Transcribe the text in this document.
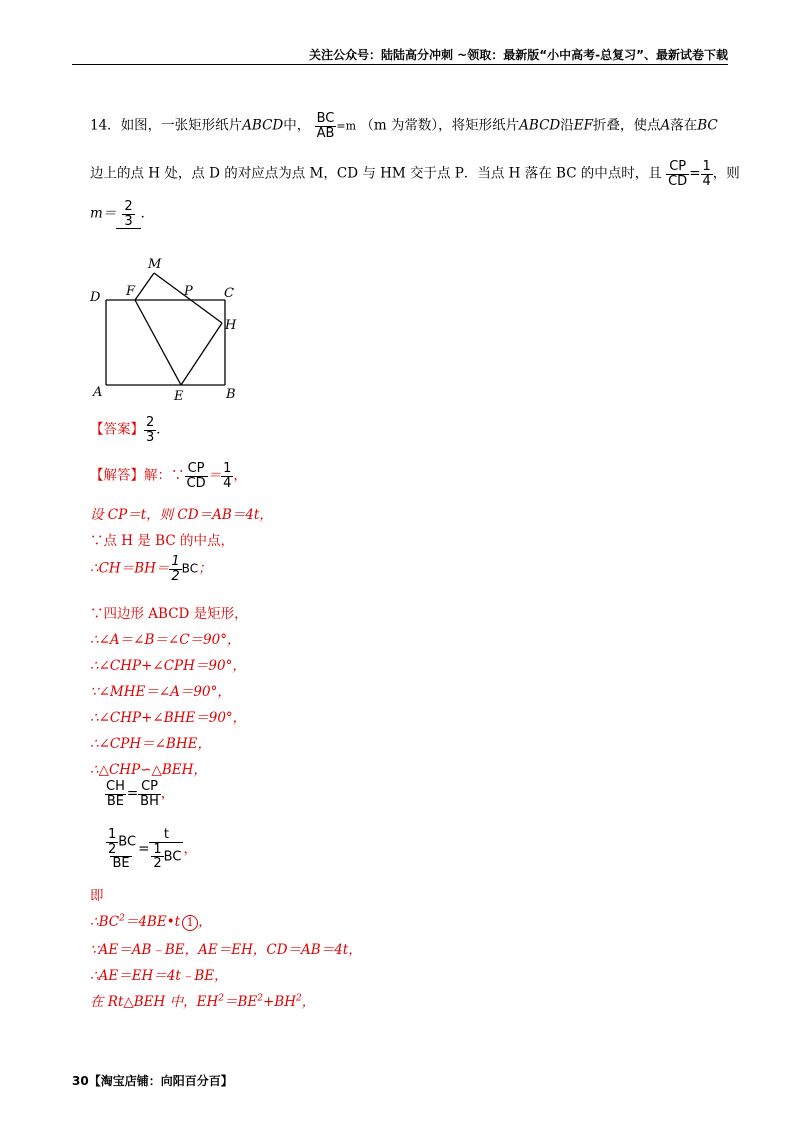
关注公众号：陆陆高分冲刺 ~领取：最新版“小中高考-总复习”、最新试卷下载
14．如图，一张矩形纸片ABCD中， $\frac{BC}{AB} =m$ （m 为常数），将矩形纸片ABCD沿EF折叠，使点A落在BC
边上的点 H 处，点 D 的对应点为点 M，CD 与 HM 交于点 P．当点 H 落在 BC 的中点时，且 $\frac{CP}{CD} = \frac{1}{4}$ ，则
$m= \frac{2}{3}$ ．
M
D F	P C
H
A	E	B
【答案】 $\frac{2}{3}$ ．
【解答】解：∵ $\frac{CP}{CD} = \frac{1}{4}$ ，
设 CP＝t，则 CD＝AB＝4t，
∵点 H 是 BC 的中点，
∴CH＝BH＝ $\frac{1}{2}$ BC；
∵四边形 ABCD 是矩形，
∴∠A＝∠B＝∠C＝90°，
∴∠CHP+∠CPH＝90°，
∵∠MHE＝∠A＝90°，
∴∠CHP+∠BHE＝90°，
∴∠CPH＝∠BHE，
∴△CHP∽△BEH，
$\frac{CH}{BE} = \frac{CP}{BH}$ ，
$\frac{\frac{1}{2} BC}{BE} = \frac{t}{\frac{1}{2} BC}$ ，
即
$\therefore BC^2=4BE•t$ 1 ，
∵AE＝AB﹣BE，AE＝EH，CD＝AB＝4t，
∴AE＝EH＝4t﹣BE，
在 Rt△BEH 中，$EH^2=BE^2+BH^2$，
30【淘宝店铺：向阳百分百】
